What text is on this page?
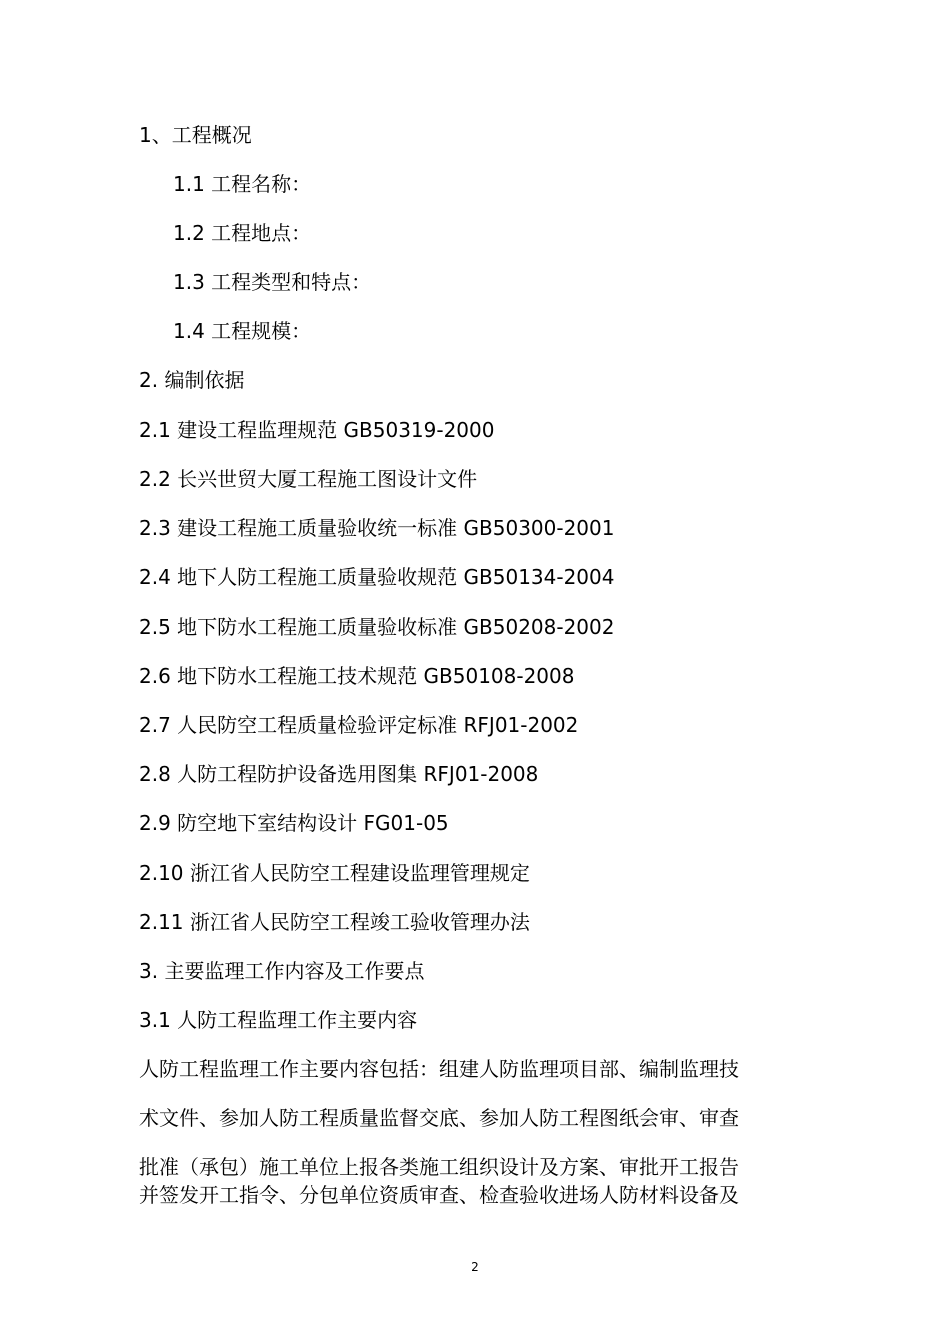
1、工程概况
1.1 工程名称：
1.2 工程地点：
1.3 工程类型和特点：
1.4 工程规模：
2. 编制依据
2.1 建设工程监理规范 GB50319-2000
2.2 长兴世贸大厦工程施工图设计文件
2.3 建设工程施工质量验收统一标准 GB50300-2001
2.4 地下人防工程施工质量验收规范 GB50134-2004
2.5 地下防水工程施工质量验收标准 GB50208-2002
2.6 地下防水工程施工技术规范 GB50108-2008
2.7 人民防空工程质量检验评定标准 RFJ01-2002
2.8 人防工程防护设备选用图集 RFJ01-2008
2.9 防空地下室结构设计 FG01-05
2.10 浙江省人民防空工程建设监理管理规定
2.11 浙江省人民防空工程竣工验收管理办法
3. 主要监理工作内容及工作要点
3.1 人防工程监理工作主要内容
人防工程监理工作主要内容包括：组建人防监理项目部、编制监理技
术文件、参加人防工程质量监督交底、参加人防工程图纸会审、审查
批准（承包）施工单位上报各类施工组织设计及方案、审批开工报告
并签发开工指令、分包单位资质审查、检查验收进场人防材料设备及
2
